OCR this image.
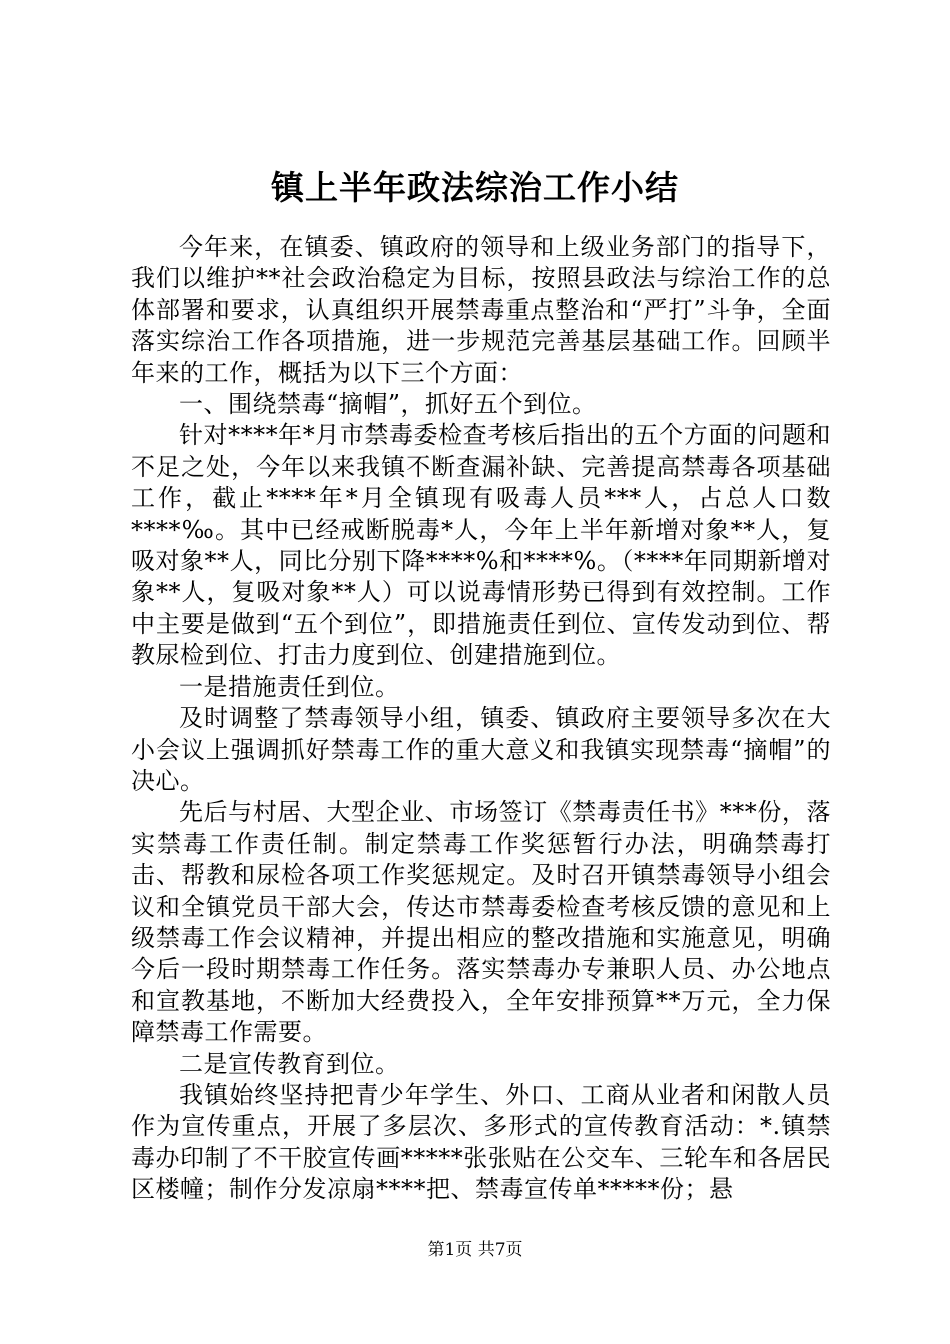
镇上半年政法综治工作小结

今年来，在镇委、镇政府的领导和上级业务部门的指导下，我们以维护**社会政治稳定为目标，按照县政法与综治工作的总体部署和要求，认真组织开展禁毒重点整治和“严打”斗争，全面落实综治工作各项措施，进一步规范完善基层基础工作。回顾半年来的工作，概括为以下三个方面：

一、围绕禁毒“摘帽”，抓好五个到位。

针对****年*月市禁毒委检查考核后指出的五个方面的问题和不足之处，今年以来我镇不断查漏补缺、完善提高禁毒各项基础工作，截止****年*月全镇现有吸毒人员***人，占总人口数****‰。其中已经戒断脱毒*人，今年上半年新增对象**人，复吸对象**人，同比分别下降****%和****%。（****年同期新增对象**人，复吸对象**人）可以说毒情形势已得到有效控制。工作中主要是做到“五个到位”，即措施责任到位、宣传发动到位、帮教尿检到位、打击力度到位、创建措施到位。

一是措施责任到位。

及时调整了禁毒领导小组，镇委、镇政府主要领导多次在大小会议上强调抓好禁毒工作的重大意义和我镇实现禁毒“摘帽”的决心。

先后与村居、大型企业、市场签订《禁毒责任书》***份，落实禁毒工作责任制。制定禁毒工作奖惩暂行办法，明确禁毒打击、帮教和尿检各项工作奖惩规定。及时召开镇禁毒领导小组会议和全镇党员干部大会，传达市禁毒委检查考核反馈的意见和上级禁毒工作会议精神，并提出相应的整改措施和实施意见，明确今后一段时期禁毒工作任务。落实禁毒办专兼职人员、办公地点和宣教基地，不断加大经费投入，全年安排预算**万元，全力保障禁毒工作需要。

二是宣传教育到位。

我镇始终坚持把青少年学生、外口、工商从业者和闲散人员作为宣传重点，开展了多层次、多形式的宣传教育活动：*.镇禁毒办印制了不干胶宣传画*****张张贴在公交车、三轮车和各居民区楼幢；制作分发凉扇****把、禁毒宣传单*****份；悬

第1页 共7页
